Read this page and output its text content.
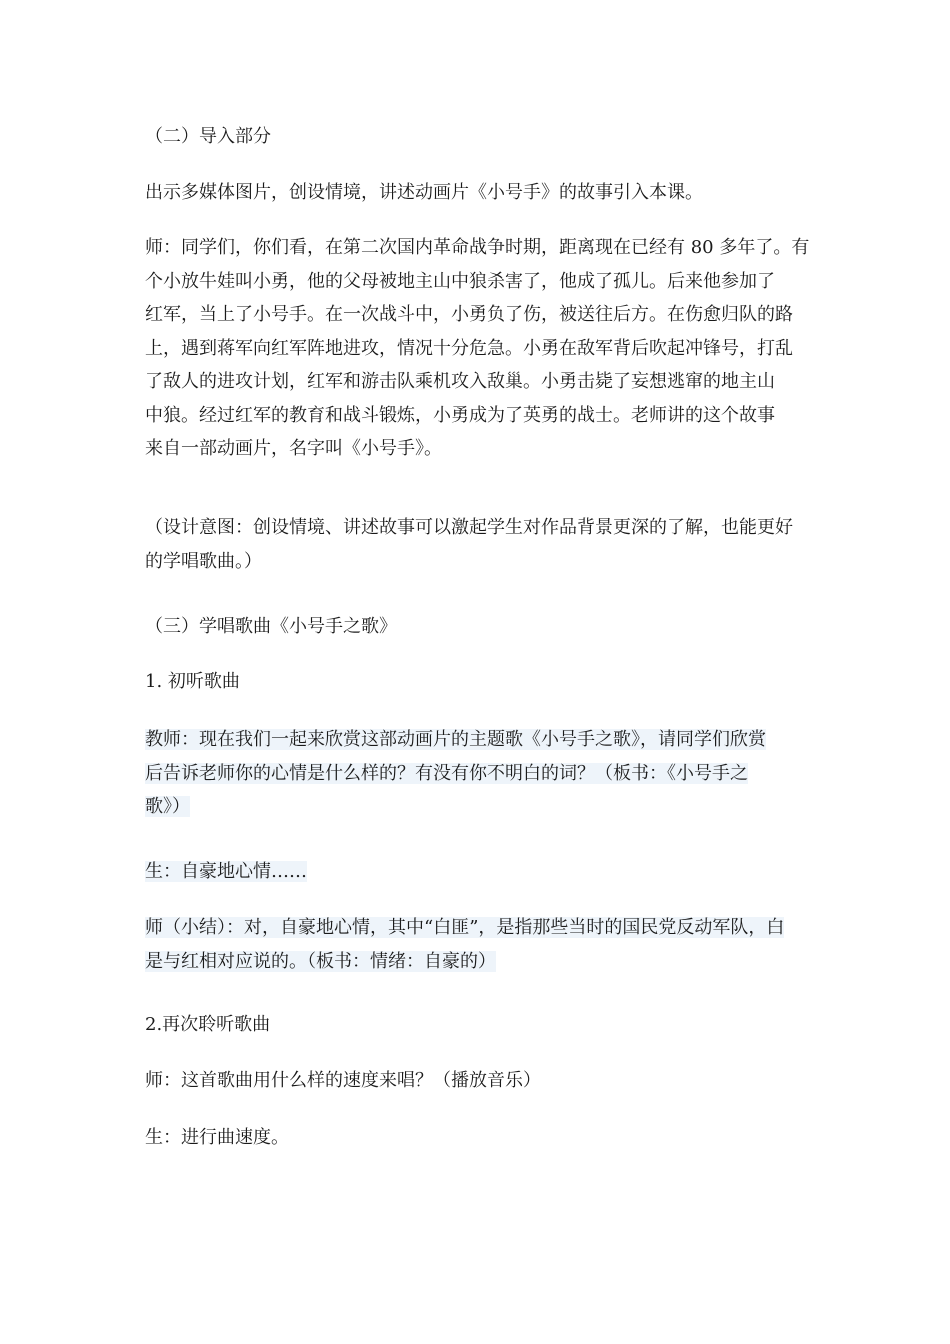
（二）导入部分

出示多媒体图片，创设情境，讲述动画片《小号手》的故事引入本课。

师：同学们，你们看，在第二次国内革命战争时期，距离现在已经有 80 多年了。有
个小放牛娃叫小勇，他的父母被地主山中狼杀害了，他成了孤儿。后来他参加了
红军，当上了小号手。在一次战斗中，小勇负了伤，被送往后方。在伤愈归队的路
上，遇到蒋军向红军阵地进攻，情况十分危急。小勇在敌军背后吹起冲锋号，打乱
了敌人的进攻计划，红军和游击队乘机攻入敌巢。小勇击毙了妄想逃窜的地主山
中狼。经过红军的教育和战斗锻炼，小勇成为了英勇的战士。老师讲的这个故事
来自一部动画片，名字叫《小号手》。
（设计意图：创设情境、讲述故事可以激起学生对作品背景更深的了解，也能更好
的学唱歌曲。）

（三）学唱歌曲《小号手之歌》

1. 初听歌曲

教师：现在我们一起来欣赏这部动画片的主题歌《小号手之歌》，请同学们欣赏
后告诉老师你的心情是什么样的？有没有你不明白的词？（板书：《小号手之
歌》）

生：自豪地心情……

师（小结）：对，自豪地心情，其中“白匪”，是指那些当时的国民党反动军队，白
是与红相对应说的。（板书：情绪：自豪的）

2.再次聆听歌曲

师：这首歌曲用什么样的速度来唱？（播放音乐）

生：进行曲速度。
